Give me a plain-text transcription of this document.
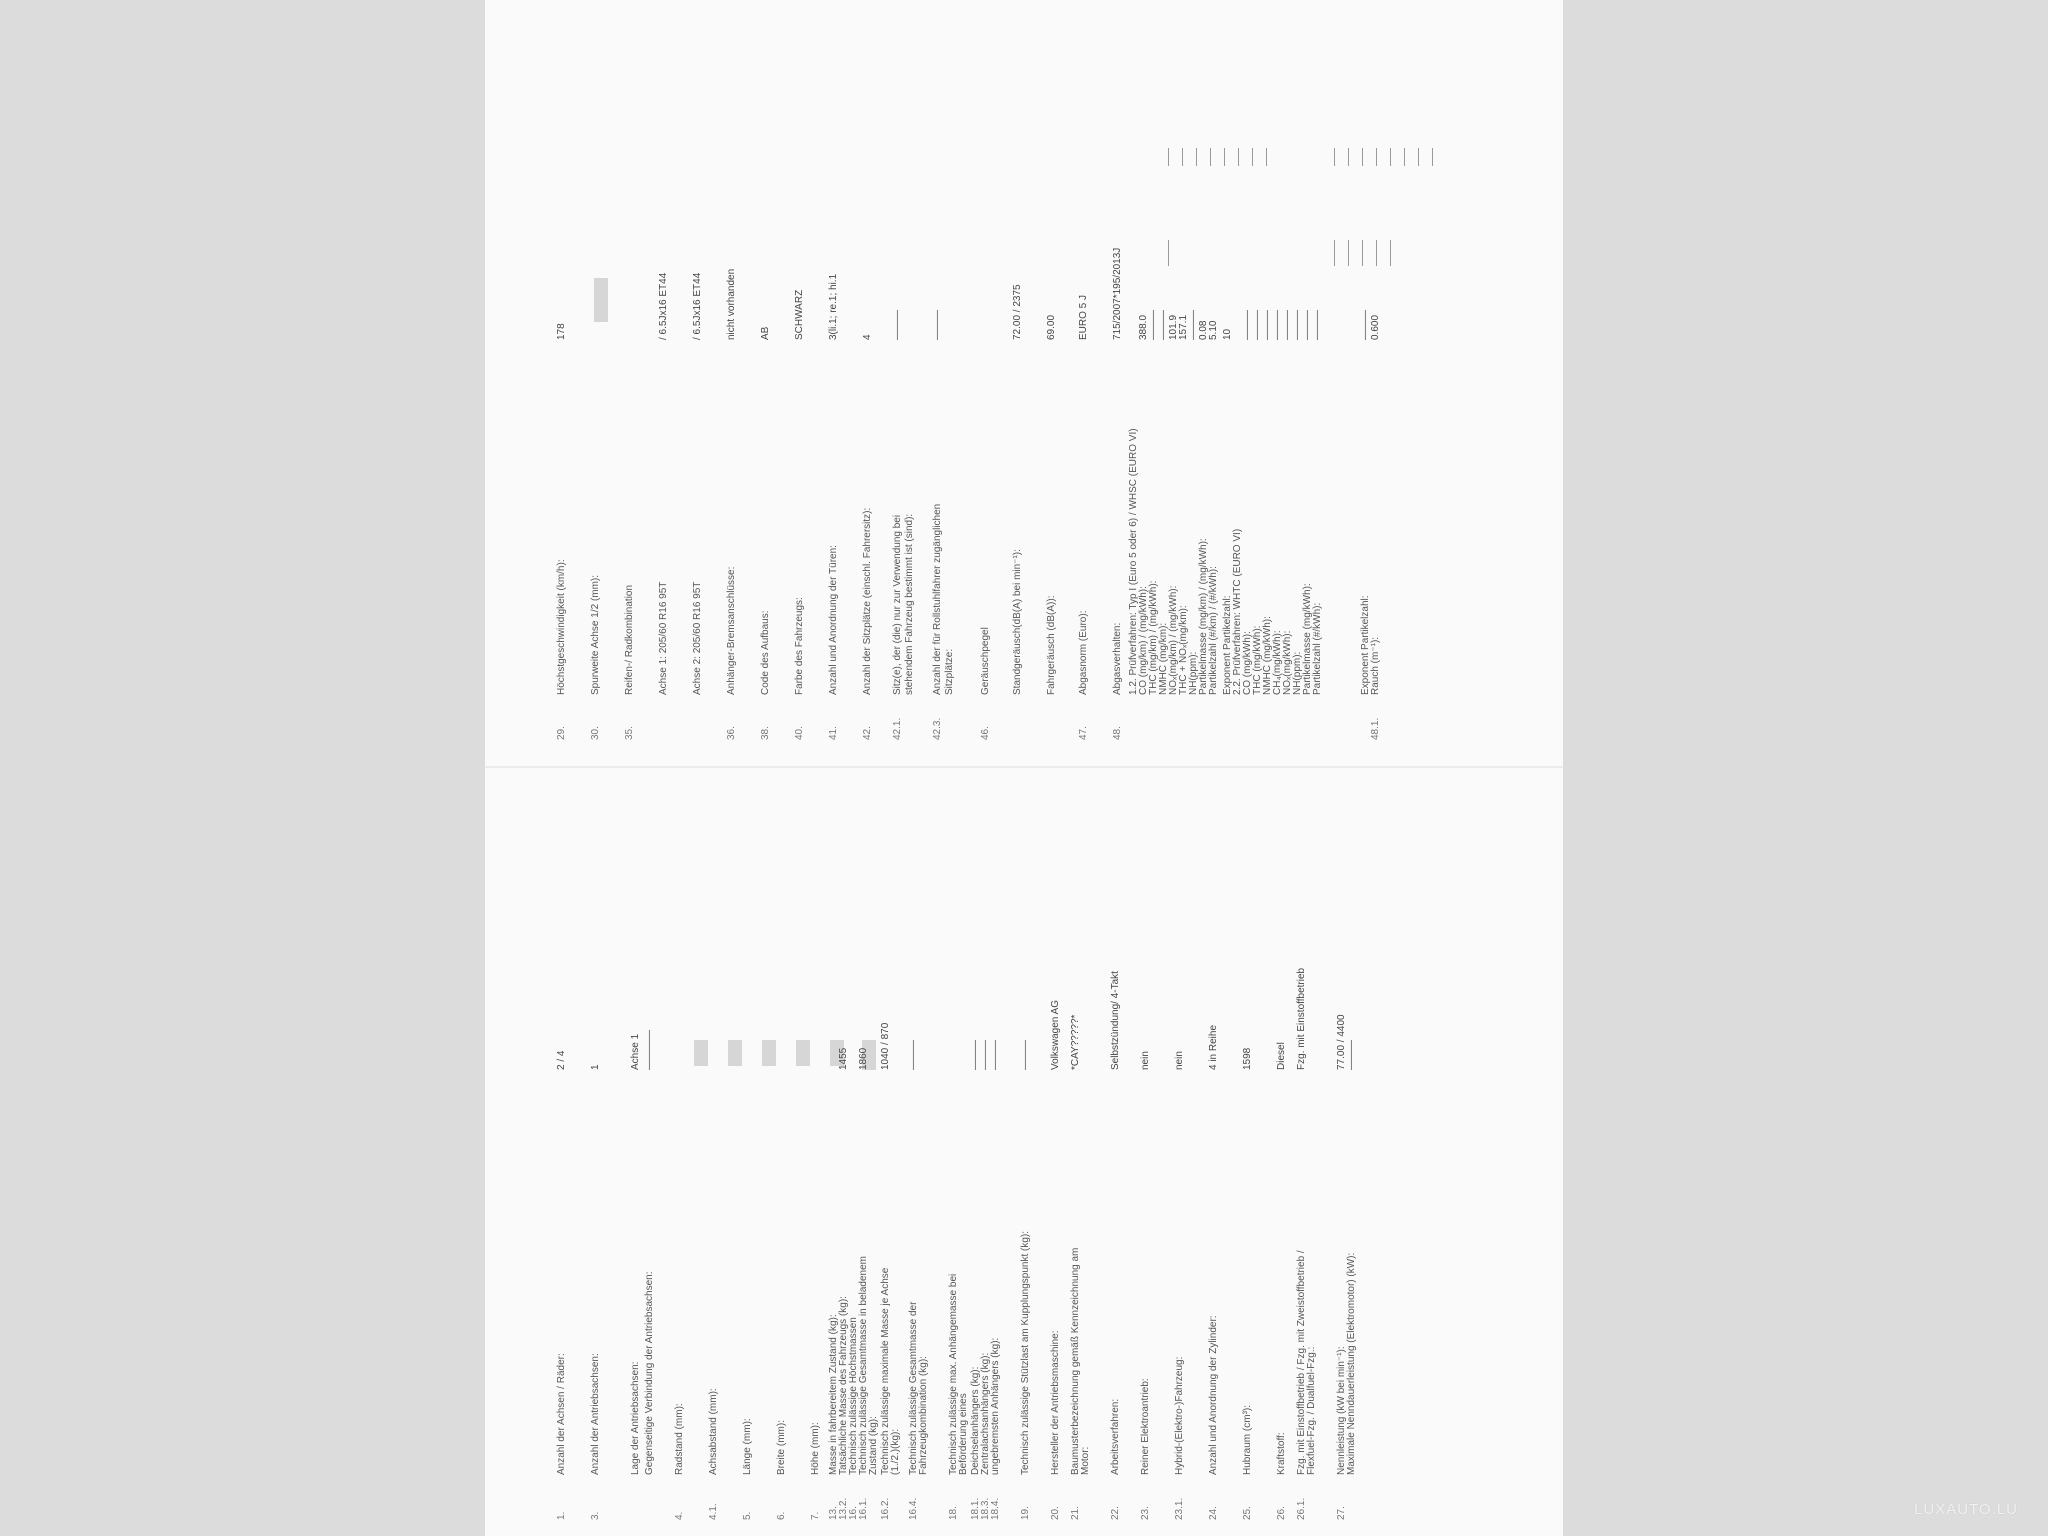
LUXAUTO.LU
1.
Anzahl der Achsen / Räder:
2 / 4
3.
Anzahl der Antriebsachsen:
1
Lage der Antriebsachsen:
Achse 1
Gegenseitige Verbindung der Antriebsachsen:
————
4.
Radstand (mm):
4.1.
Achsabstand (mm):
5.
Länge (mm):
6.
Breite (mm):
7.
Höhe (mm):
13.
Masse in fahrbereitem Zustand (kg):
13.2.
Tatsächliche Masse des Fahrzeugs (kg):
1455
16.
Technisch zulässige Höchstmassen
16.1.
Technisch zulässige Gesamtmasse in beladenem
1860
Zustand (kg):
16.2.
Technisch zulässige maximale Masse je Achse
1040 / 870
(1./2.)(kg):
16.4.
Technisch zulässige Gesamtmasse der
———
Fahrzeugkombination (kg):
18.
Technisch zulässige max. Anhängemasse bei Beförderung eines
18.1.
Deichselanhängers (kg):
———
18.3.
Zentralachsanhängers (kg):
———
18.4.
ungebremsten Anhängers (kg):
———
19.
Technisch zulässige Stützlast am Kupplungspunkt (kg):
———
20.
Hersteller der Antriebsmaschine:
Volkswagen AG
21.
Baumusterbezeichnung gemäß Kennzeichnung am
*CAY?????*
Motor:
22.
Arbeitsverfahren:
Selbstzündung/ 4-Takt
23.
Reiner Elektroantrieb:
nein
23.1.
Hybrid-(Elektro-)Fahrzeug:
nein
24.
Anzahl und Anordnung der Zylinder:
4 in Reihe
25.
Hubraum (cm³):
1598
26.
Kraftstoff:
Diesel
26.1.
Fzg. mit Einstoffbetrieb / Fzg. mit Zweistoffbetrieb /
Fzg. mit Einstoffbetrieb
Flexfuel-Fzg. / Dualfuel-Fzg.:
27.
Nennleistung (kW bei min⁻¹):
77.00 / 4400
Maximale Nenndauerleistung (Elektromotor) (kW):
———
29.
Höchstgeschwindigkeit (km/h):
178
30.
Spurweite Achse 1/2 (mm):
35.
Reifen-/ Radkombination Achse 1: 205/60 R16 95T
/ 6.5Jx16 ET44
Achse 2: 205/60 R16 95T
/ 6.5Jx16 ET44
36.
Anhänger-Bremsanschlüsse:
nicht vorhanden
38.
Code des Aufbaus:
AB
40.
Farbe des Fahrzeugs:
SCHWARZ
41.
Anzahl und Anordnung der Türen:
3(li.1; re.1; hi.1
42.
Anzahl der Sitzplätze (einschl. Fahrersitz):
4
42.1.
Sitz(e), der (die) nur zur Verwendung bei
———
stehendem Fahrzeug bestimmt ist (sind):
42.3.
Anzahl der für Rollstuhlfahrer zugänglichen
———
Sitzplätze:
46.
Geräuschpegel Standgeräusch(dB(A) bei min⁻¹):
72.00 / 2375
Fahrgeräusch (dB(A)):
69.00
47.
Abgasnorm (Euro):
EURO 5 J
48.
Abgasverhalten:
715/2007*195/2013J
1.2. Prüfverfahren: Typ I (Euro 5 oder 6) / WHSC (EURO VI) CO (mg/km) / (mg/kWh):
388.0
THC (mg/km) / (mg/kWh):
———
NMHC (mg/km):
———
NOₓ(mg/km) / (mg/kWh):
101.9
THC + NOₓ(mg/km):
157.1
NH(ppm):
———
Partikelmasse (mg/km) / (mg/kWh):
0.08
Partikelzahl (#/km) / (#/kWh):
5.10
Exponent Partikelzahl:
10
2.2. Prüfverfahren: WHTC (EURO VI) CO (mg/kWh):
———
THC (mg/kWh):
———
NMHC (mg/kWh):
———
CH₄(mg/kWh):
———
NOₓ(mg/kWh):
———
NH(ppm):
———
Partikelmasse (mg/kWh):
———
Partikelzahl (#/kWh):
———
Exponent Partikelzahl:
———
48.1.
Rauch (m⁻¹):
0.600
